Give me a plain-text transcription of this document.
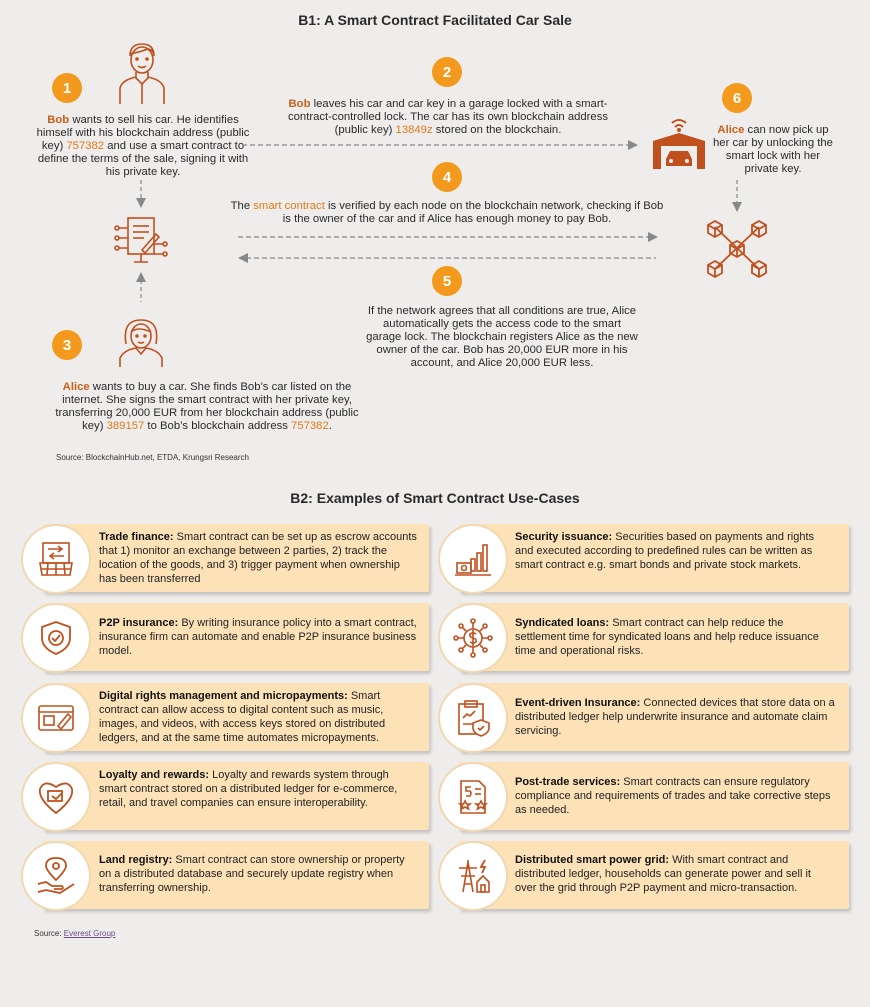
B1: A Smart Contract Facilitated Car Sale
1
Bob wants to sell his car. He identifies himself with his blockchain address (public key) 757382 and use a smart contract to define the terms of the sale, signing it with his private key.
2
Bob leaves his car and car key in a garage locked with a smart-contract-controlled lock. The car has its own blockchain address (public key) 13849z stored on the blockchain.
6
Alice can now pick up her car by unlocking the smart lock with her private key.
4
The smart contract is verified by each node on the blockchain network, checking if Bob is the owner of the car and if Alice has enough money to pay Bob.
5
If the network agrees that all conditions are true, Alice automatically gets the access code to the smart garage lock. The blockchain registers Alice as the new owner of the car. Bob has 20,000 EUR more in his account, and Alice 20,000 EUR less.
3
Alice wants to buy a car. She finds Bob’s car listed on the internet. She signs the smart contract with her private key, transferring 20,000 EUR from her blockchain address (public key) 389157 to Bob’s blockchain address 757382.
Source: BlockchainHub.net, ETDA, Krungsri Research
B2: Examples of Smart Contract Use-Cases
Trade finance: Smart contract can be set up as escrow accounts that 1) monitor an exchange between 2 parties, 2) track the location of the goods, and 3) trigger payment when ownership has been transferred
P2P insurance: By writing insurance policy into a smart contract, insurance firm can automate and enable P2P insurance business model.
Digital rights management and micropayments: Smart contract can allow access to digital content such as music, images, and videos, with access keys stored on distributed ledgers, and at the same time automates micropayments.
Loyalty and rewards: Loyalty and rewards system through smart contract stored on a distributed ledger for e-commerce, retail, and travel companies can ensure interoperability.
Land registry: Smart contract can store ownership or property on a distributed database and securely update registry when transferring ownership.
Security issuance: Securities based on payments and rights and executed according to predefined rules can be written as smart contract e.g. smart bonds and private stock markets.
Syndicated loans: Smart contract can help reduce the settlement time for syndicated loans and help reduce issuance time and operational risks.
Event-driven Insurance: Connected devices that store data on a distributed ledger help underwrite insurance and automate claim servicing.
Post-trade services: Smart contracts can ensure regulatory compliance and requirements of trades and take corrective steps as needed.
Distributed smart power grid: With smart contract and distributed ledger, households can generate power and sell it over the grid through P2P payment and micro-transaction.
Source: Everest Group
